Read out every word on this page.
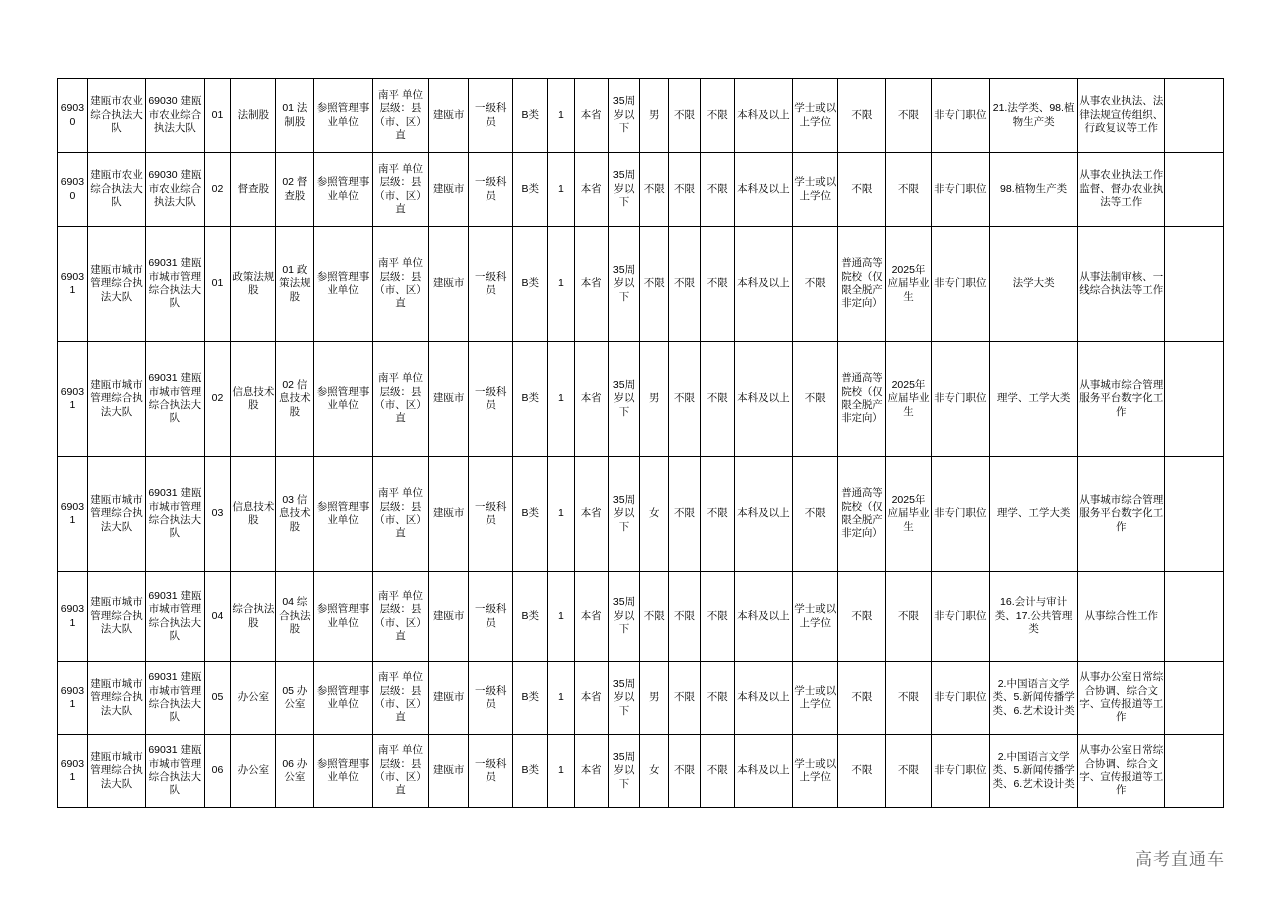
69030	建瓯市农业综合执法大队	69030 建瓯市农业综合执法大队	01	法制股	01 法制股	参照管理事业单位	南平 单位层级：县（市、区）直	建瓯市	一级科员	B类	1	本省	35周岁以下	男	不限	不限	本科及以上	学士或以上学位	不限	不限	非专门职位	21.法学类、98.植物生产类	从事农业执法、法律法规宣传组织、行政复议等工作	
69030	建瓯市农业综合执法大队	69030 建瓯市农业综合执法大队	02	督查股	02 督查股	参照管理事业单位	南平 单位层级：县（市、区）直	建瓯市	一级科员	B类	1	本省	35周岁以下	不限	不限	不限	本科及以上	学士或以上学位	不限	不限	非专门职位	98.植物生产类	从事农业执法工作监督、督办农业执法等工作	
69031	建瓯市城市管理综合执法大队	69031 建瓯市城市管理综合执法大队	01	政策法规股	01 政策法规股	参照管理事业单位	南平 单位层级：县（市、区）直	建瓯市	一级科员	B类	1	本省	35周岁以下	不限	不限	不限	本科及以上	不限	普通高等院校（仅限全脱产非定向）	2025年应届毕业生	非专门职位	法学大类	从事法制审核、一线综合执法等工作	
69031	建瓯市城市管理综合执法大队	69031 建瓯市城市管理综合执法大队	02	信息技术股	02 信息技术股	参照管理事业单位	南平 单位层级：县（市、区）直	建瓯市	一级科员	B类	1	本省	35周岁以下	男	不限	不限	本科及以上	不限	普通高等院校（仅限全脱产非定向）	2025年应届毕业生	非专门职位	理学、工学大类	从事城市综合管理服务平台数字化工作	
69031	建瓯市城市管理综合执法大队	69031 建瓯市城市管理综合执法大队	03	信息技术股	03 信息技术股	参照管理事业单位	南平 单位层级：县（市、区）直	建瓯市	一级科员	B类	1	本省	35周岁以下	女	不限	不限	本科及以上	不限	普通高等院校（仅限全脱产非定向）	2025年应届毕业生	非专门职位	理学、工学大类	从事城市综合管理服务平台数字化工作	
69031	建瓯市城市管理综合执法大队	69031 建瓯市城市管理综合执法大队	04	综合执法股	04 综合执法股	参照管理事业单位	南平 单位层级：县（市、区）直	建瓯市	一级科员	B类	1	本省	35周岁以下	不限	不限	不限	本科及以上	学士或以上学位	不限	不限	非专门职位	16.会计与审计类、17.公共管理类	从事综合性工作	
69031	建瓯市城市管理综合执法大队	69031 建瓯市城市管理综合执法大队	05	办公室	05 办公室	参照管理事业单位	南平 单位层级：县（市、区）直	建瓯市	一级科员	B类	1	本省	35周岁以下	男	不限	不限	本科及以上	学士或以上学位	不限	不限	非专门职位	2.中国语言文学类、5.新闻传播学类、6.艺术设计类	从事办公室日常综合协调、综合文字、宣传报道等工作	
69031	建瓯市城市管理综合执法大队	69031 建瓯市城市管理综合执法大队	06	办公室	06 办公室	参照管理事业单位	南平 单位层级：县（市、区）直	建瓯市	一级科员	B类	1	本省	35周岁以下	女	不限	不限	本科及以上	学士或以上学位	不限	不限	非专门职位	2.中国语言文学类、5.新闻传播学类、6.艺术设计类	从事办公室日常综合协调、综合文字、宣传报道等工作	
高考直通车
